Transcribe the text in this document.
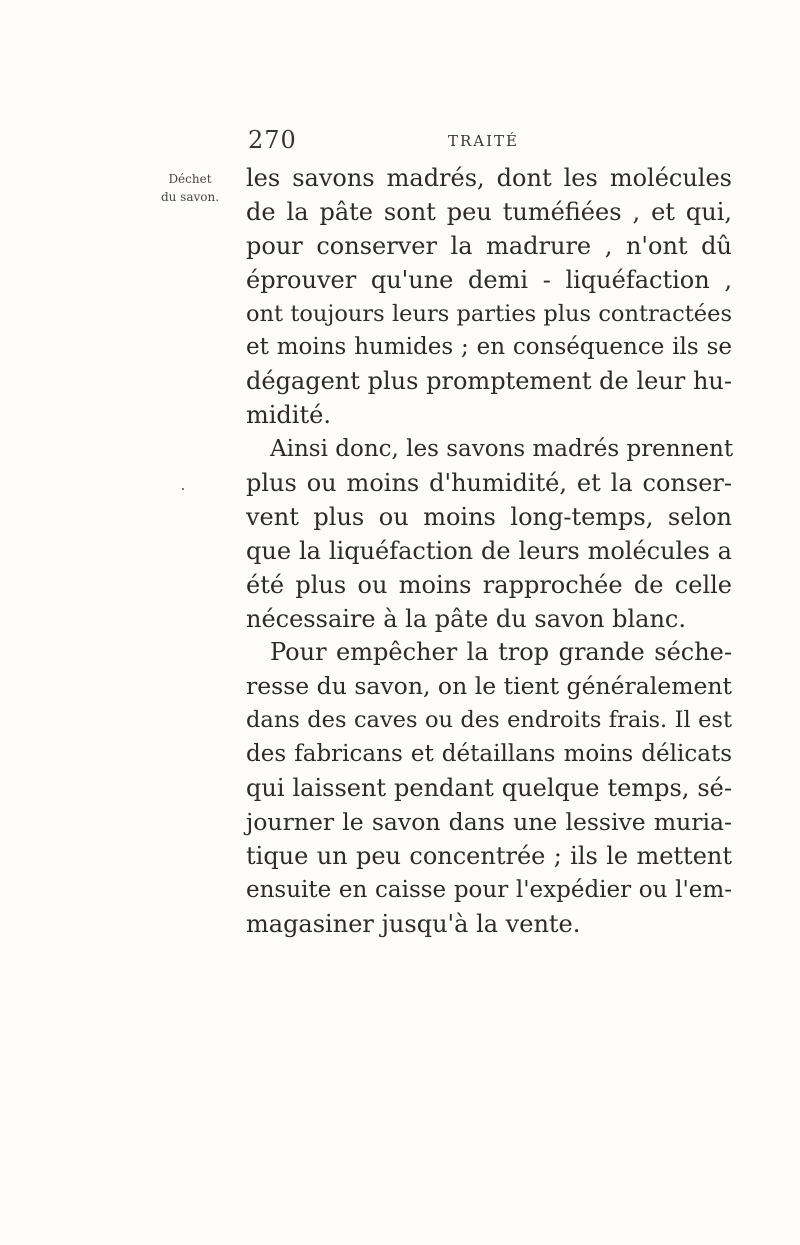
270	TRAITÉ
Déchet
du savon.
les savons madrés, dont les molécules
de la pâte sont peu tuméfiées , et qui,
pour conserver la madrure , n'ont dû
éprouver qu'une demi - liquéfaction ,
ont toujours leurs parties plus contractées
et moins humides ; en conséquence ils se
dégagent plus promptement de leur hu-
midité.
Ainsi donc, les savons madrés prennent
plus ou moins d'humidité, et la conser-
vent plus ou moins long-temps, selon
que la liquéfaction de leurs molécules a
été plus ou moins rapprochée de celle
nécessaire à la pâte du savon blanc.
Pour empêcher la trop grande séche-
resse du savon, on le tient généralement
dans des caves ou des endroits frais. Il est
des fabricans et détaillans moins délicats
qui laissent pendant quelque temps, sé-
journer le savon dans une lessive muria-
tique un peu concentrée ; ils le mettent
ensuite en caisse pour l'expédier ou l'em-
magasiner jusqu'à la vente.
